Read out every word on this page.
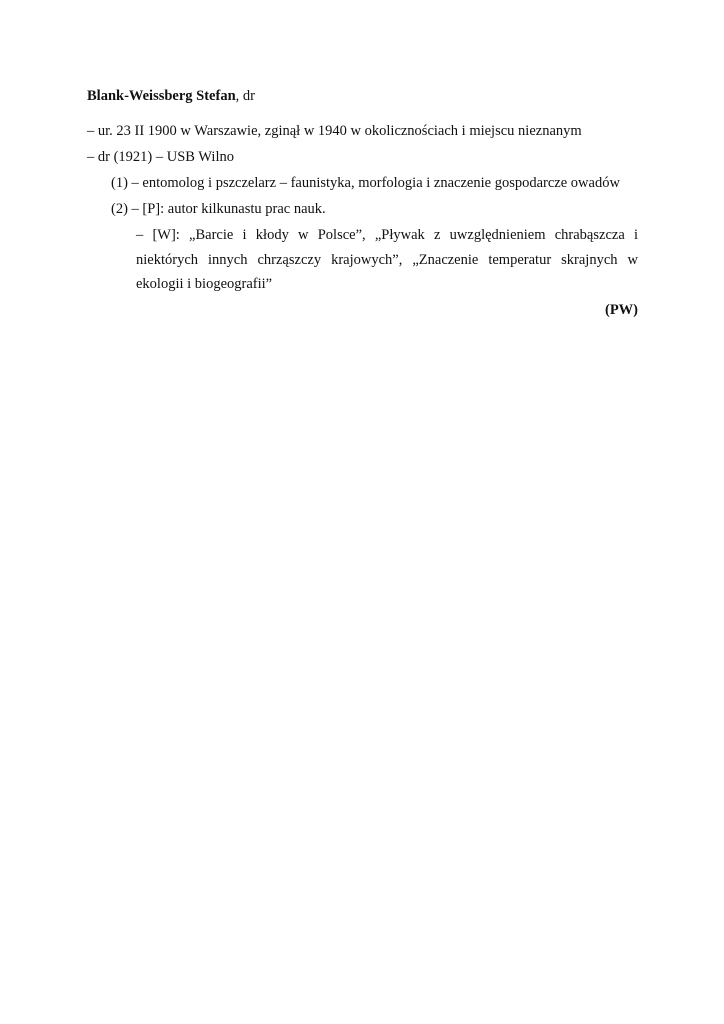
Blank-Weissberg Stefan, dr
– ur. 23 II 1900 w Warszawie, zginął w 1940 w okolicznościach i miejscu nieznanym
– dr (1921) – USB Wilno
(1) – entomolog i pszczelarz – faunistyka, morfologia i znaczenie gospodarcze owadów
(2) – [P]: autor kilkunastu prac nauk.
– [W]: „Barcie i kłody w Polsce”, „Pływak z uwzględnieniem chrabąszcza i
niektórych innych chrząszczy krajowych”, „Znaczenie temperatur skrajnych w
ekologii i biogeografii”
(PW)
